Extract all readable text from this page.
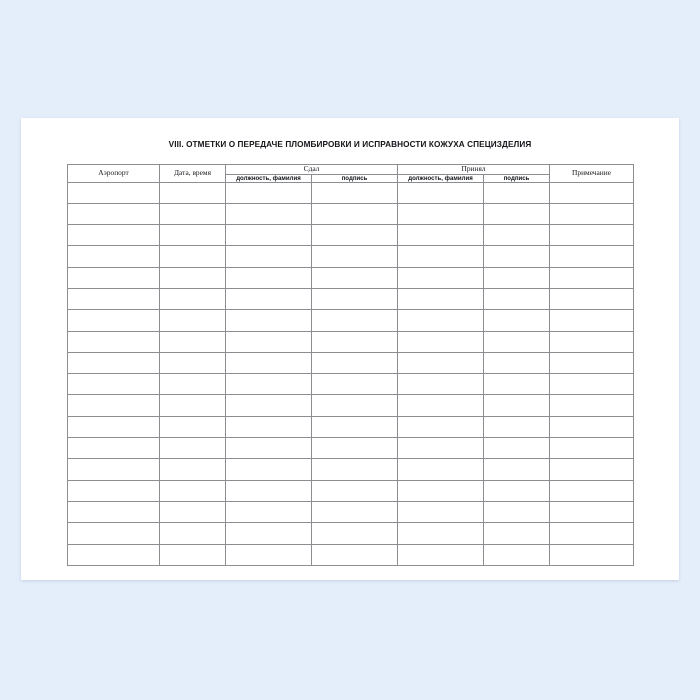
VIII. ОТМЕТКИ О ПЕРЕДАЧЕ ПЛОМБИРОВКИ И ИСПРАВНОСТИ КОЖУХА СПЕЦИЗДЕЛИЯ
Аэропорт	Дата, время	Сдал		Принял		Примечание
		должность, фамилия	подпись	должность, фамилия	подпись	
